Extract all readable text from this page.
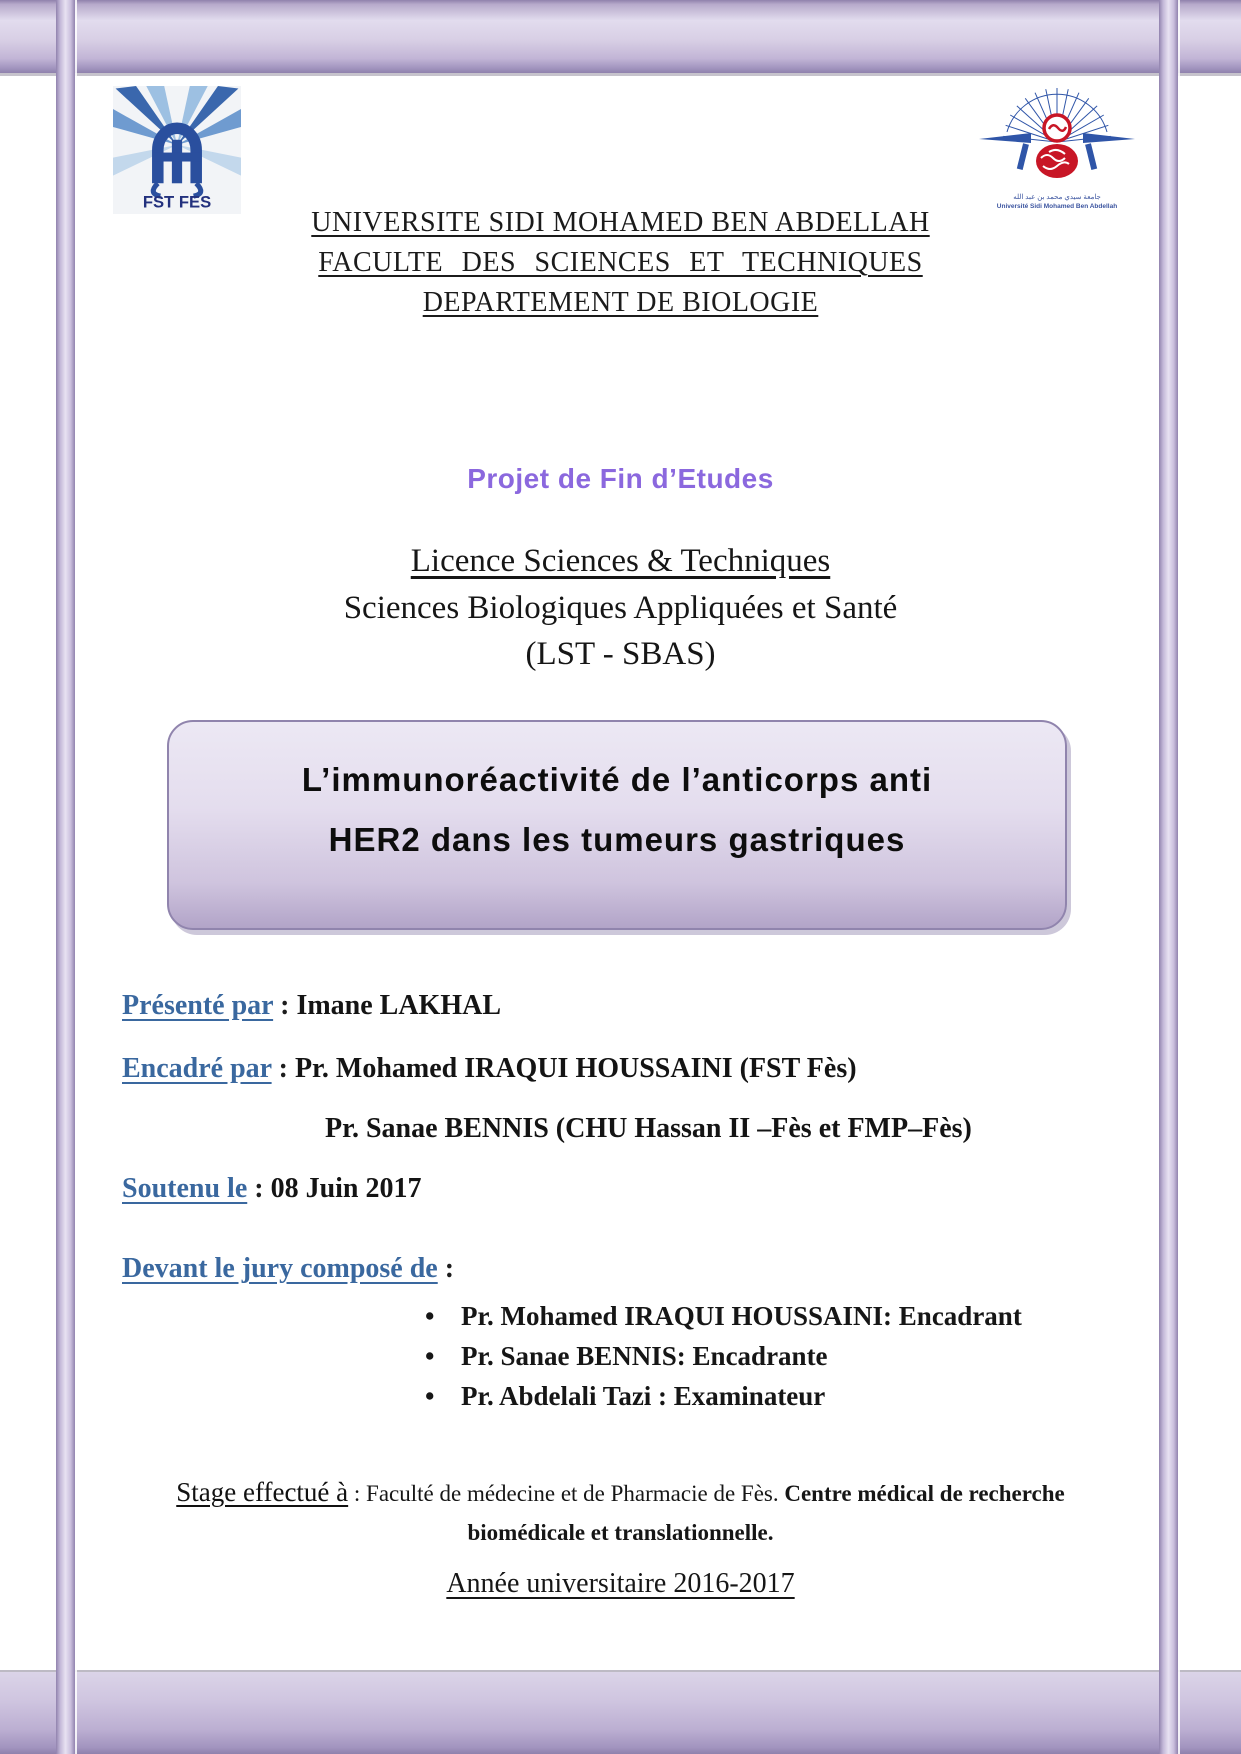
FST FES	جامعة سيدي محمد بن عبد الله
Université Sidi Mohamed Ben Abdellah
UNIVERSITE SIDI MOHAMED BEN ABDELLAH
FACULTE DES SCIENCES ET TECHNIQUES
DEPARTEMENT DE BIOLOGIE
Projet de Fin d’Etudes
Licence Sciences & Techniques
Sciences Biologiques Appliquées et Santé
(LST - SBAS)
L’immunoréactivité de l’anticorps anti
HER2 dans les tumeurs gastriques
Présenté par : Imane LAKHAL
Encadré par : Pr. Mohamed IRAQUI HOUSSAINI (FST Fès)
Pr. Sanae BENNIS (CHU Hassan II –Fès et FMP–Fès)
Soutenu le : 08 Juin 2017
Devant le jury composé de :
• Pr. Mohamed IRAQUI HOUSSAINI: Encadrant
• Pr. Sanae BENNIS: Encadrante
• Pr. Abdelali Tazi : Examinateur
Stage effectué à : Faculté de médecine et de Pharmacie de Fès. Centre médical de recherche
biomédicale et translationnelle.
Année universitaire 2016-2017
